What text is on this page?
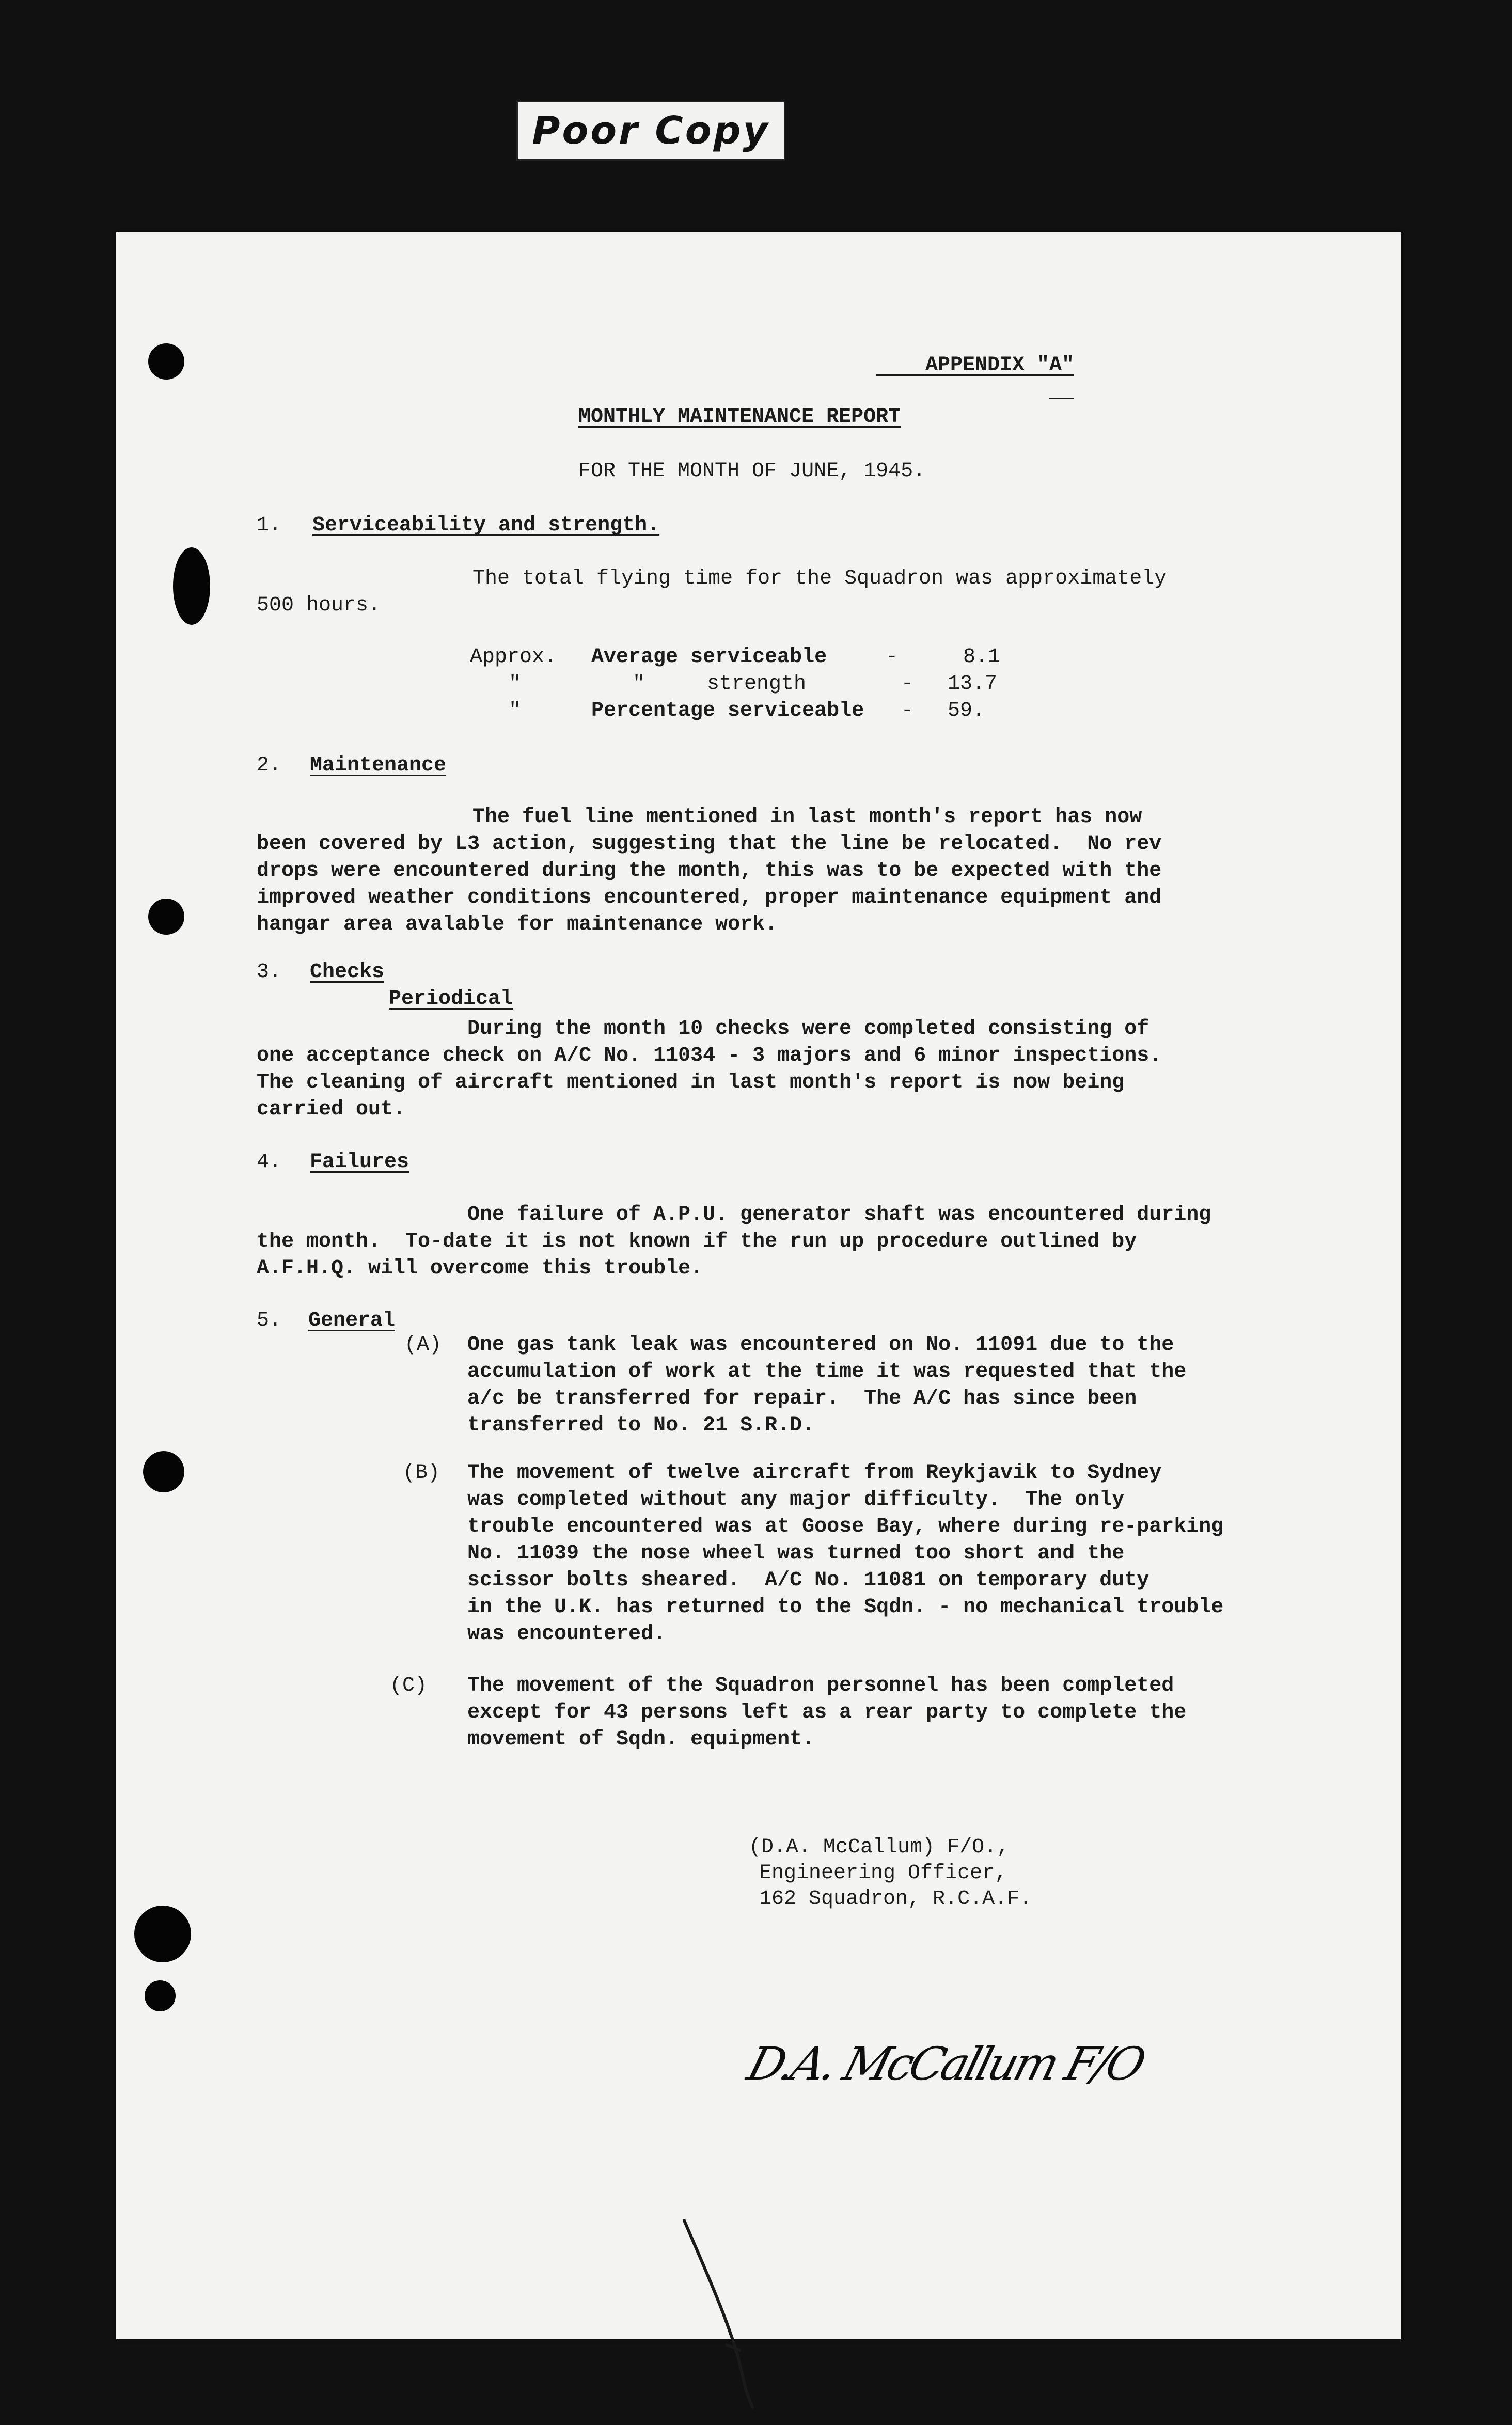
Poor Copy

APPENDIX "A"

MONTHLY MAINTENANCE REPORT
FOR THE MONTH OF JUNE, 1945.
1. Serviceability and strength.
The total flying time for the Squadron was approximately
500 hours.
Approx. Average serviceable	-	8.1
"	"     strength	- 13.7
"	Percentage serviceable - 59.
2. Maintenance
The fuel line mentioned in last month's report has now
been covered by L3 action, suggesting that the line be relocated.  No rev
drops were encountered during the month, this was to be expected with the
improved weather conditions encountered, proper maintenance equipment and
hangar area avalable for maintenance work.
3. Checks
Periodical
During the month 10 checks were completed consisting of
one acceptance check on A/C No. 11034 - 3 majors and 6 minor inspections.
The cleaning of aircraft mentioned in last month's report is now being
carried out.
4. Failures
One failure of A.P.U. generator shaft was encountered during
the month.  To-date it is not known if the run up procedure outlined by
A.F.H.Q. will overcome this trouble.
5. General
(A) One gas tank leak was encountered on No. 11091 due to the
accumulation of work at the time it was requested that the
a/c be transferred for repair.  The A/C has since been
transferred to No. 21 S.R.D.
(B) The movement of twelve aircraft from Reykjavik to Sydney
was completed without any major difficulty.  The only
trouble encountered was at Goose Bay, where during re-parking
No. 11039 the nose wheel was turned too short and the
scissor bolts sheared.  A/C No. 11081 on temporary duty
in the U.K. has returned to the Sqdn. - no mechanical trouble
was encountered.
(C) The movement of the Squadron personnel has been completed
except for 43 persons left as a rear party to complete the
movement of Sqdn. equipment.
D.A. McCallum F/O
(D.A. McCallum) F/O.,
Engineering Officer,
162 Squadron, R.C.A.F.
